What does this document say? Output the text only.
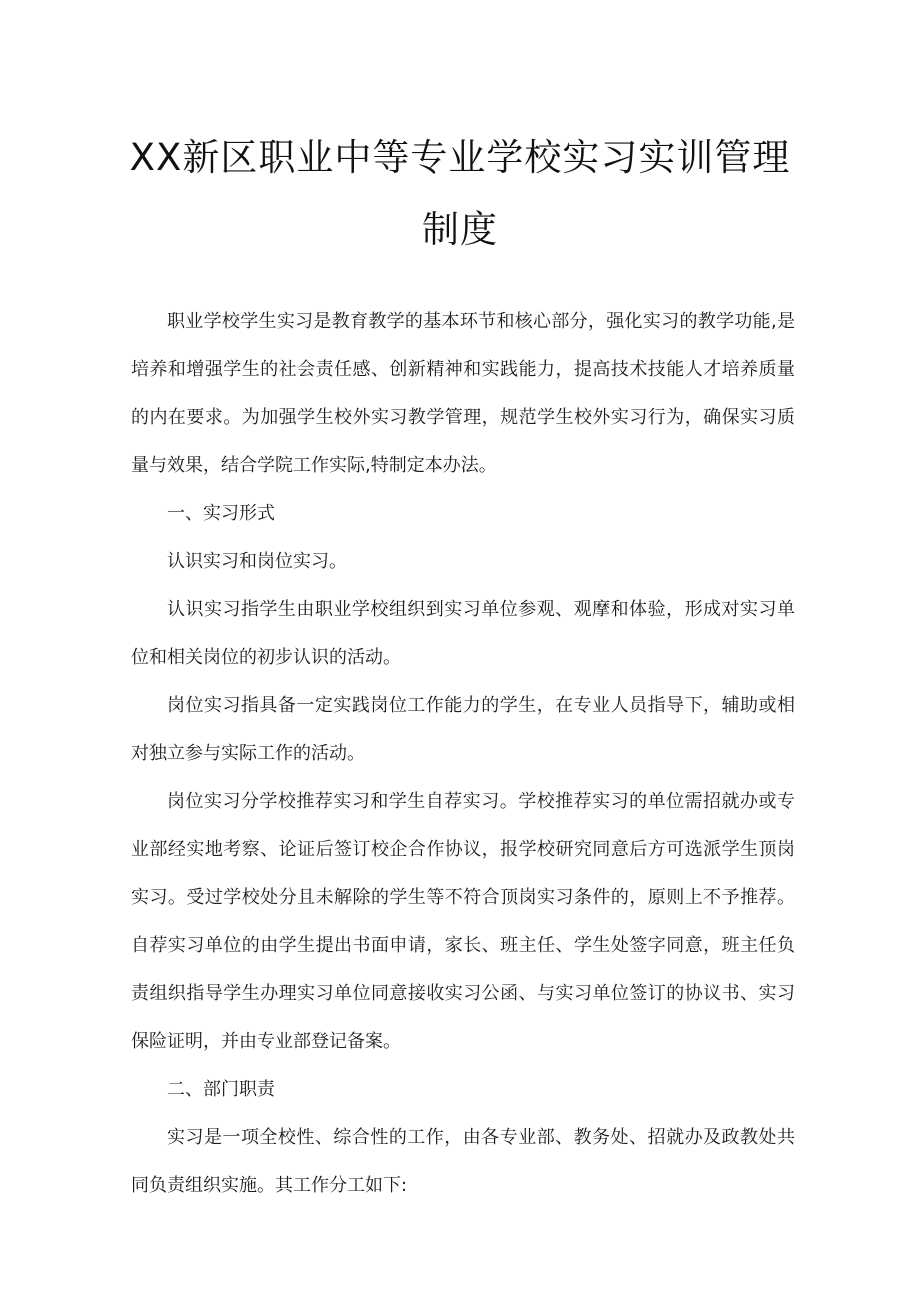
XX新区职业中等专业学校实习实训管理制度

职业学校学生实习是教育教学的基本环节和核心部分，强化实习的教学功能,是培养和增强学生的社会责任感、创新精神和实践能力，提高技术技能人才培养质量的内在要求。为加强学生校外实习教学管理，规范学生校外实习行为，确保实习质量与效果，结合学院工作实际,特制定本办法。

一、实习形式

认识实习和岗位实习。

认识实习指学生由职业学校组织到实习单位参观、观摩和体验，形成对实习单位和相关岗位的初步认识的活动。

岗位实习指具备一定实践岗位工作能力的学生，在专业人员指导下，辅助或相对独立参与实际工作的活动。

岗位实习分学校推荐实习和学生自荐实习。学校推荐实习的单位需招就办或专业部经实地考察、论证后签订校企合作协议，报学校研究同意后方可选派学生顶岗实习。受过学校处分且未解除的学生等不符合顶岗实习条件的，原则上不予推荐。自荐实习单位的由学生提出书面申请，家长、班主任、学生处签字同意，班主任负责组织指导学生办理实习单位同意接收实习公函、与实习单位签订的协议书、实习保险证明，并由专业部登记备案。

二、部门职责

实习是一项全校性、综合性的工作，由各专业部、教务处、招就办及政教处共同负责组织实施。其工作分工如下:
